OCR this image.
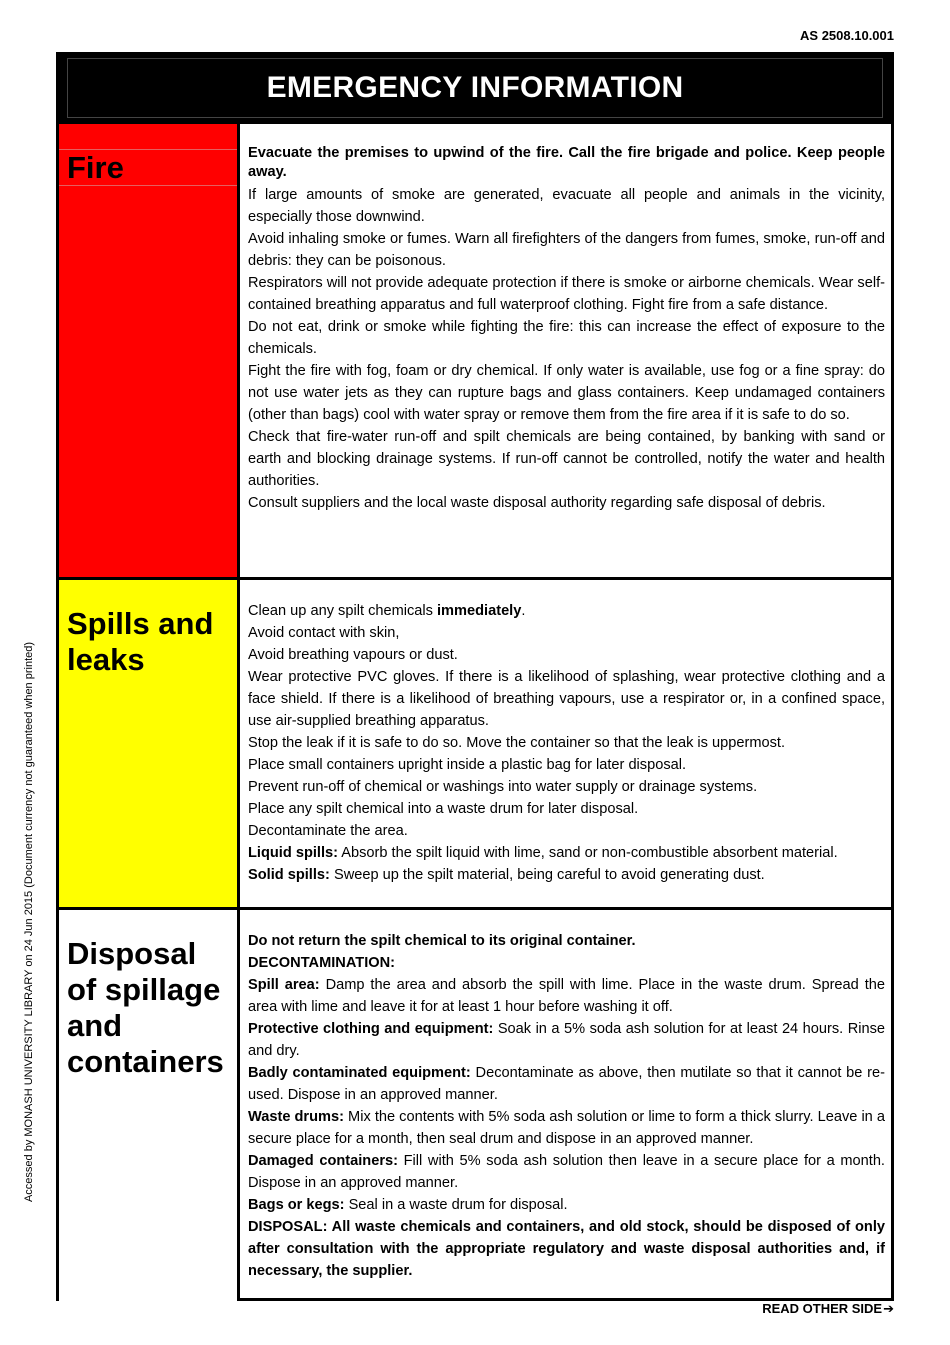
AS 2508.10.001
Accessed by MONASH UNIVERSITY LIBRARY on 24 Jun 2015 (Document currency not guaranteed when printed)
EMERGENCY INFORMATION
Fire	Evacuate the premises to upwind of the fire. Call the fire brigade and police. Keep people away.

If large amounts of smoke are generated, evacuate all people and animals in the vicinity, especially those downwind.

Avoid inhaling smoke or fumes. Warn all firefighters of the dangers from fumes, smoke, run-off and debris: they can be poisonous.

Respirators will not provide adequate protection if there is smoke or airborne chemicals. Wear self-contained breathing apparatus and full waterproof clothing. Fight fire from a safe distance.

Do not eat, drink or smoke while fighting the fire: this can increase the effect of exposure to the chemicals.

Fight the fire with fog, foam or dry chemical. If only water is available, use fog or a fine spray: do not use water jets as they can rupture bags and glass containers. Keep undamaged containers (other than bags) cool with water spray or remove them from the fire area if it is safe to do so.

Check that fire-water run-off and spilt chemicals are being contained, by banking with sand or earth and blocking drainage systems. If run-off cannot be controlled, notify the water and health authorities.

Consult suppliers and the local waste disposal authority regarding safe disposal of debris.

Spills and
leaks

Clean up any spilt chemicals immediately.

Avoid contact with skin,

Avoid breathing vapours or dust.

Wear protective PVC gloves. If there is a likelihood of splashing, wear protective clothing and a face shield. If there is a likelihood of breathing vapours, use a respirator or, in a confined space, use air-supplied breathing apparatus.

Stop the leak if it is safe to do so. Move the container so that the leak is uppermost.

Place small containers upright inside a plastic bag for later disposal.

Prevent run-off of chemical or washings into water supply or drainage systems.

Place any spilt chemical into a waste drum for later disposal.

Decontaminate the area.

Liquid spills: Absorb the spilt liquid with lime, sand or non-combustible absorbent material.

Solid spills: Sweep up the spilt material, being careful to avoid generating dust.

Disposal
of spillage
and
containers

Do not return the spilt chemical to its original container.

DECONTAMINATION:

Spill area: Damp the area and absorb the spill with lime. Place in the waste drum. Spread the area with lime and leave it for at least 1 hour before washing it off.

Protective clothing and equipment: Soak in a 5% soda ash solution for at least 24 hours. Rinse and dry.

Badly contaminated equipment: Decontaminate as above, then mutilate so that it cannot be re-used. Dispose in an approved manner.

Waste drums: Mix the contents with 5% soda ash solution or lime to form a thick slurry. Leave in a secure place for a month, then seal drum and dispose in an approved manner.

Damaged containers: Fill with 5% soda ash solution then leave in a secure place for a month. Dispose in an approved manner.

Bags or kegs: Seal in a waste drum for disposal.

DISPOSAL: All waste chemicals and containers, and old stock, should be disposed of only after consultation with the appropriate regulatory and waste disposal authorities and, if necessary, the supplier.

READ OTHER SIDE➔
